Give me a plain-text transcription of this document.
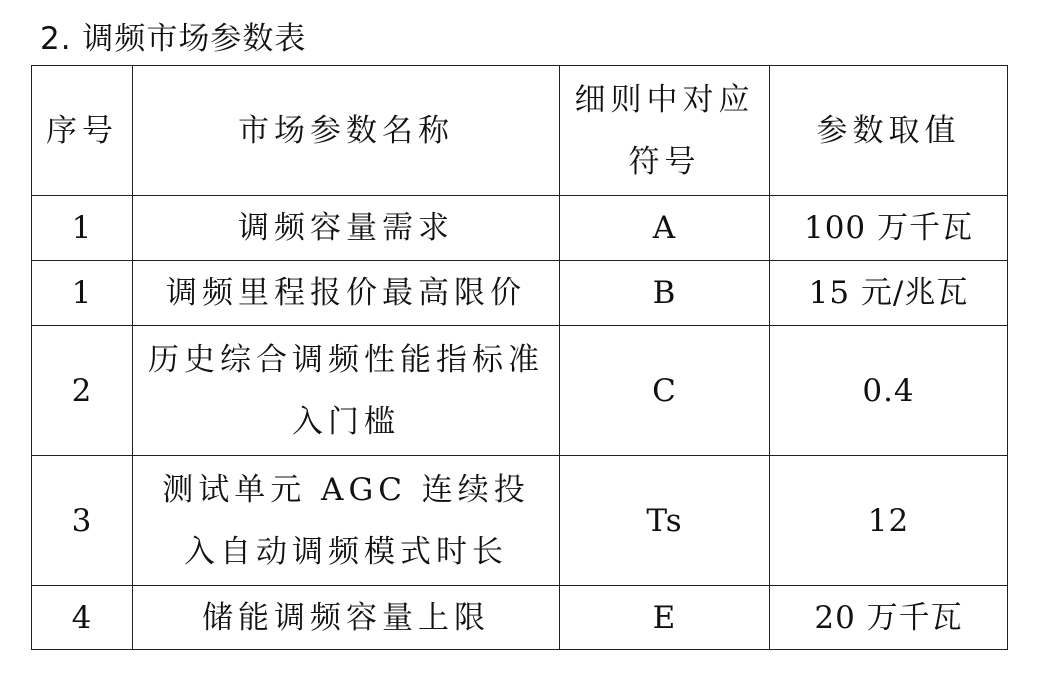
2. 调频市场参数表
序号	市场参数名称	细则中对应符号	参数取值
1	调频容量需求	A	100 万千瓦
1	调频里程报价最高限价	B	15 元/兆瓦
2	历史综合调频性能指标准入门槛	C	0.4
3	测试单元 AGC 连续投入自动调频模式时长	Ts	12
4	储能调频容量上限	E	20 万千瓦
